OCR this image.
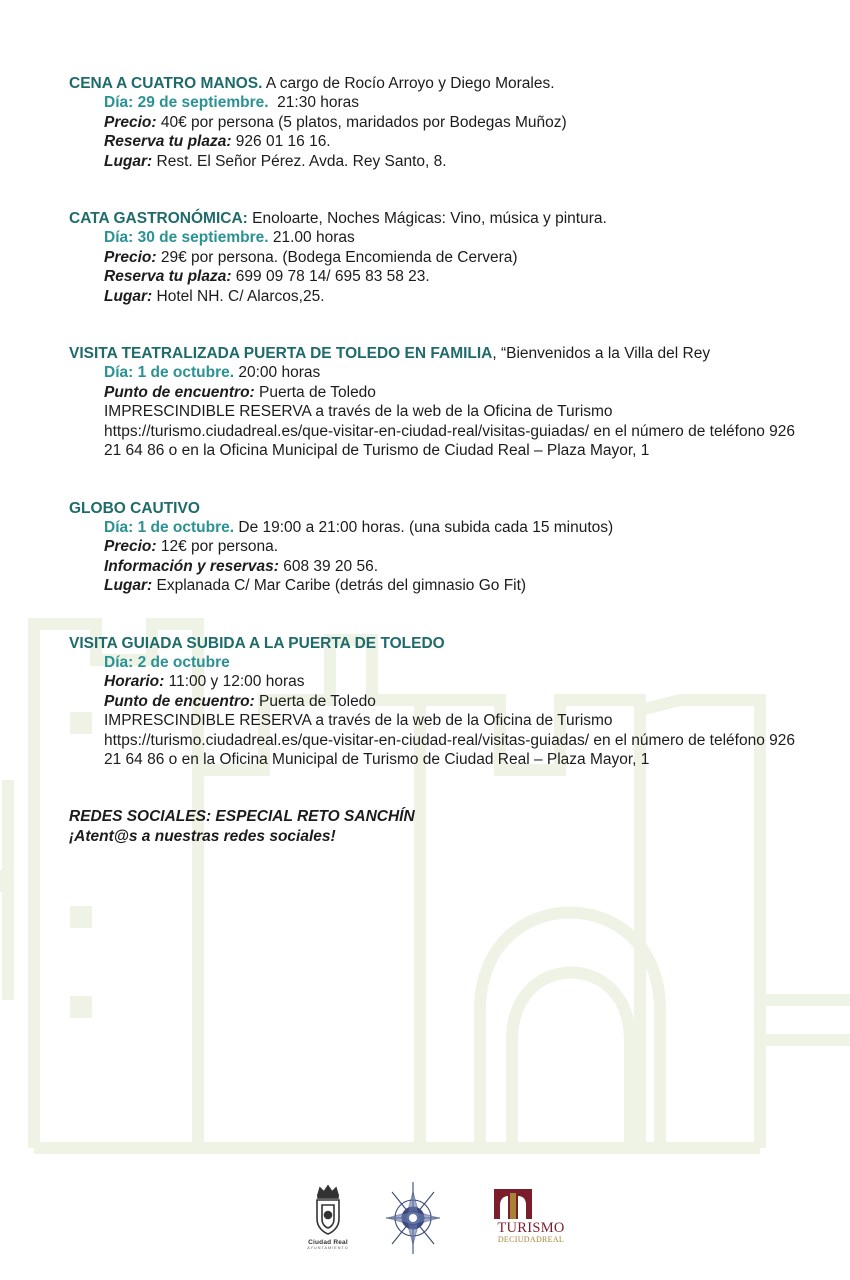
CENA A CUATRO MANOS. A cargo de Rocío Arroyo y Diego Morales.
Día: 29 de septiembre.  21:30 horas
Precio: 40€ por persona (5 platos, maridados por Bodegas Muñoz)
Reserva tu plaza: 926 01 16 16.
Lugar: Rest. El Señor Pérez. Avda. Rey Santo, 8.
CATA GASTRONÓMICA: Enoloarte, Noches Mágicas: Vino, música y pintura.
Día: 30 de septiembre. 21.00 horas
Precio: 29€ por persona. (Bodega Encomienda de Cervera)
Reserva tu plaza: 699 09 78 14/ 695 83 58 23.
Lugar: Hotel NH. C/ Alarcos,25.
VISITA TEATRALIZADA PUERTA DE TOLEDO EN FAMILIA, “Bienvenidos a la Villa del Rey
Día: 1 de octubre. 20:00 horas
Punto de encuentro: Puerta de Toledo
IMPRESCINDIBLE RESERVA a través de la web de la Oficina de Turismo https://turismo.ciudadreal.es/que-visitar-en-ciudad-real/visitas-guiadas/ en el número de teléfono 926 21 64 86 o en la Oficina Municipal de Turismo de Ciudad Real – Plaza Mayor, 1
GLOBO CAUTIVO
Día: 1 de octubre. De 19:00 a 21:00 horas. (una subida cada 15 minutos)
Precio: 12€ por persona.
Información y reservas: 608 39 20 56.
Lugar: Explanada C/ Mar Caribe (detrás del gimnasio Go Fit)
VISITA GUIADA SUBIDA A LA PUERTA DE TOLEDO
Día: 2 de octubre
Horario: 11:00 y 12:00 horas
Punto de encuentro: Puerta de Toledo
IMPRESCINDIBLE RESERVA a través de la web de la Oficina de Turismo https://turismo.ciudadreal.es/que-visitar-en-ciudad-real/visitas-guiadas/ en el número de teléfono 926 21 64 86 o en la Oficina Municipal de Turismo de Ciudad Real – Plaza Mayor, 1
REDES SOCIALES: ESPECIAL RETO SANCHÍN
¡Atent@s a nuestras redes sociales!
Ciudad Real
AYUNTAMIENTO
TURISMO
DECIUDADREAL
